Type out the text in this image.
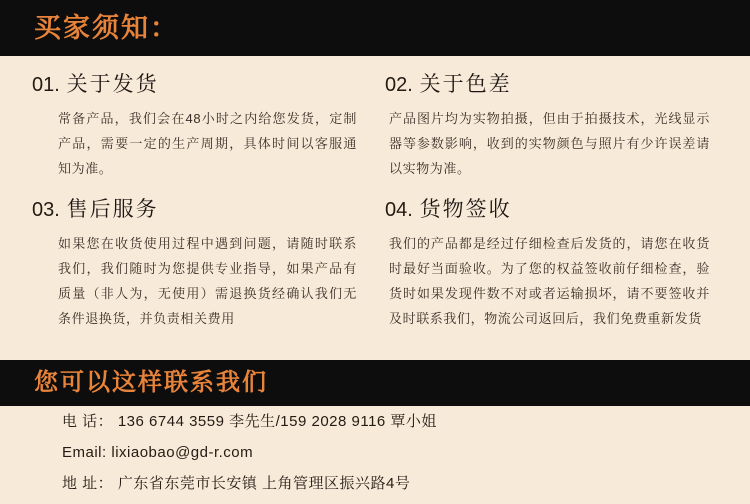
买家须知：
01. 关于发货
常备产品，我们会在48小时之内给您发货，定制产品，需要一定的生产周期，具体时间以客服通知为准。
02. 关于色差
产品图片均为实物拍摄，但由于拍摄技术，光线显示器等参数影响，收到的实物颜色与照片有少许误差请以实物为准。
03. 售后服务
如果您在收货使用过程中遇到问题，请随时联系我们，我们随时为您提供专业指导，如果产品有质量（非人为，无使用）需退换货经确认我们无条件退换货，并负责相关费用
04. 货物签收
我们的产品都是经过仔细检查后发货的，请您在收货时最好当面验收。为了您的权益签收前仔细检查，验货时如果发现件数不对或者运输损坏，请不要签收并及时联系我们，物流公司返回后，我们免费重新发货
您可以这样联系我们
电 话： 136 6744 3559 李先生/159 2028 9116 覃小姐
Email: lixiaobao@gd-r.com
地 址： 广东省东莞市长安镇 上角管理区振兴路4号
